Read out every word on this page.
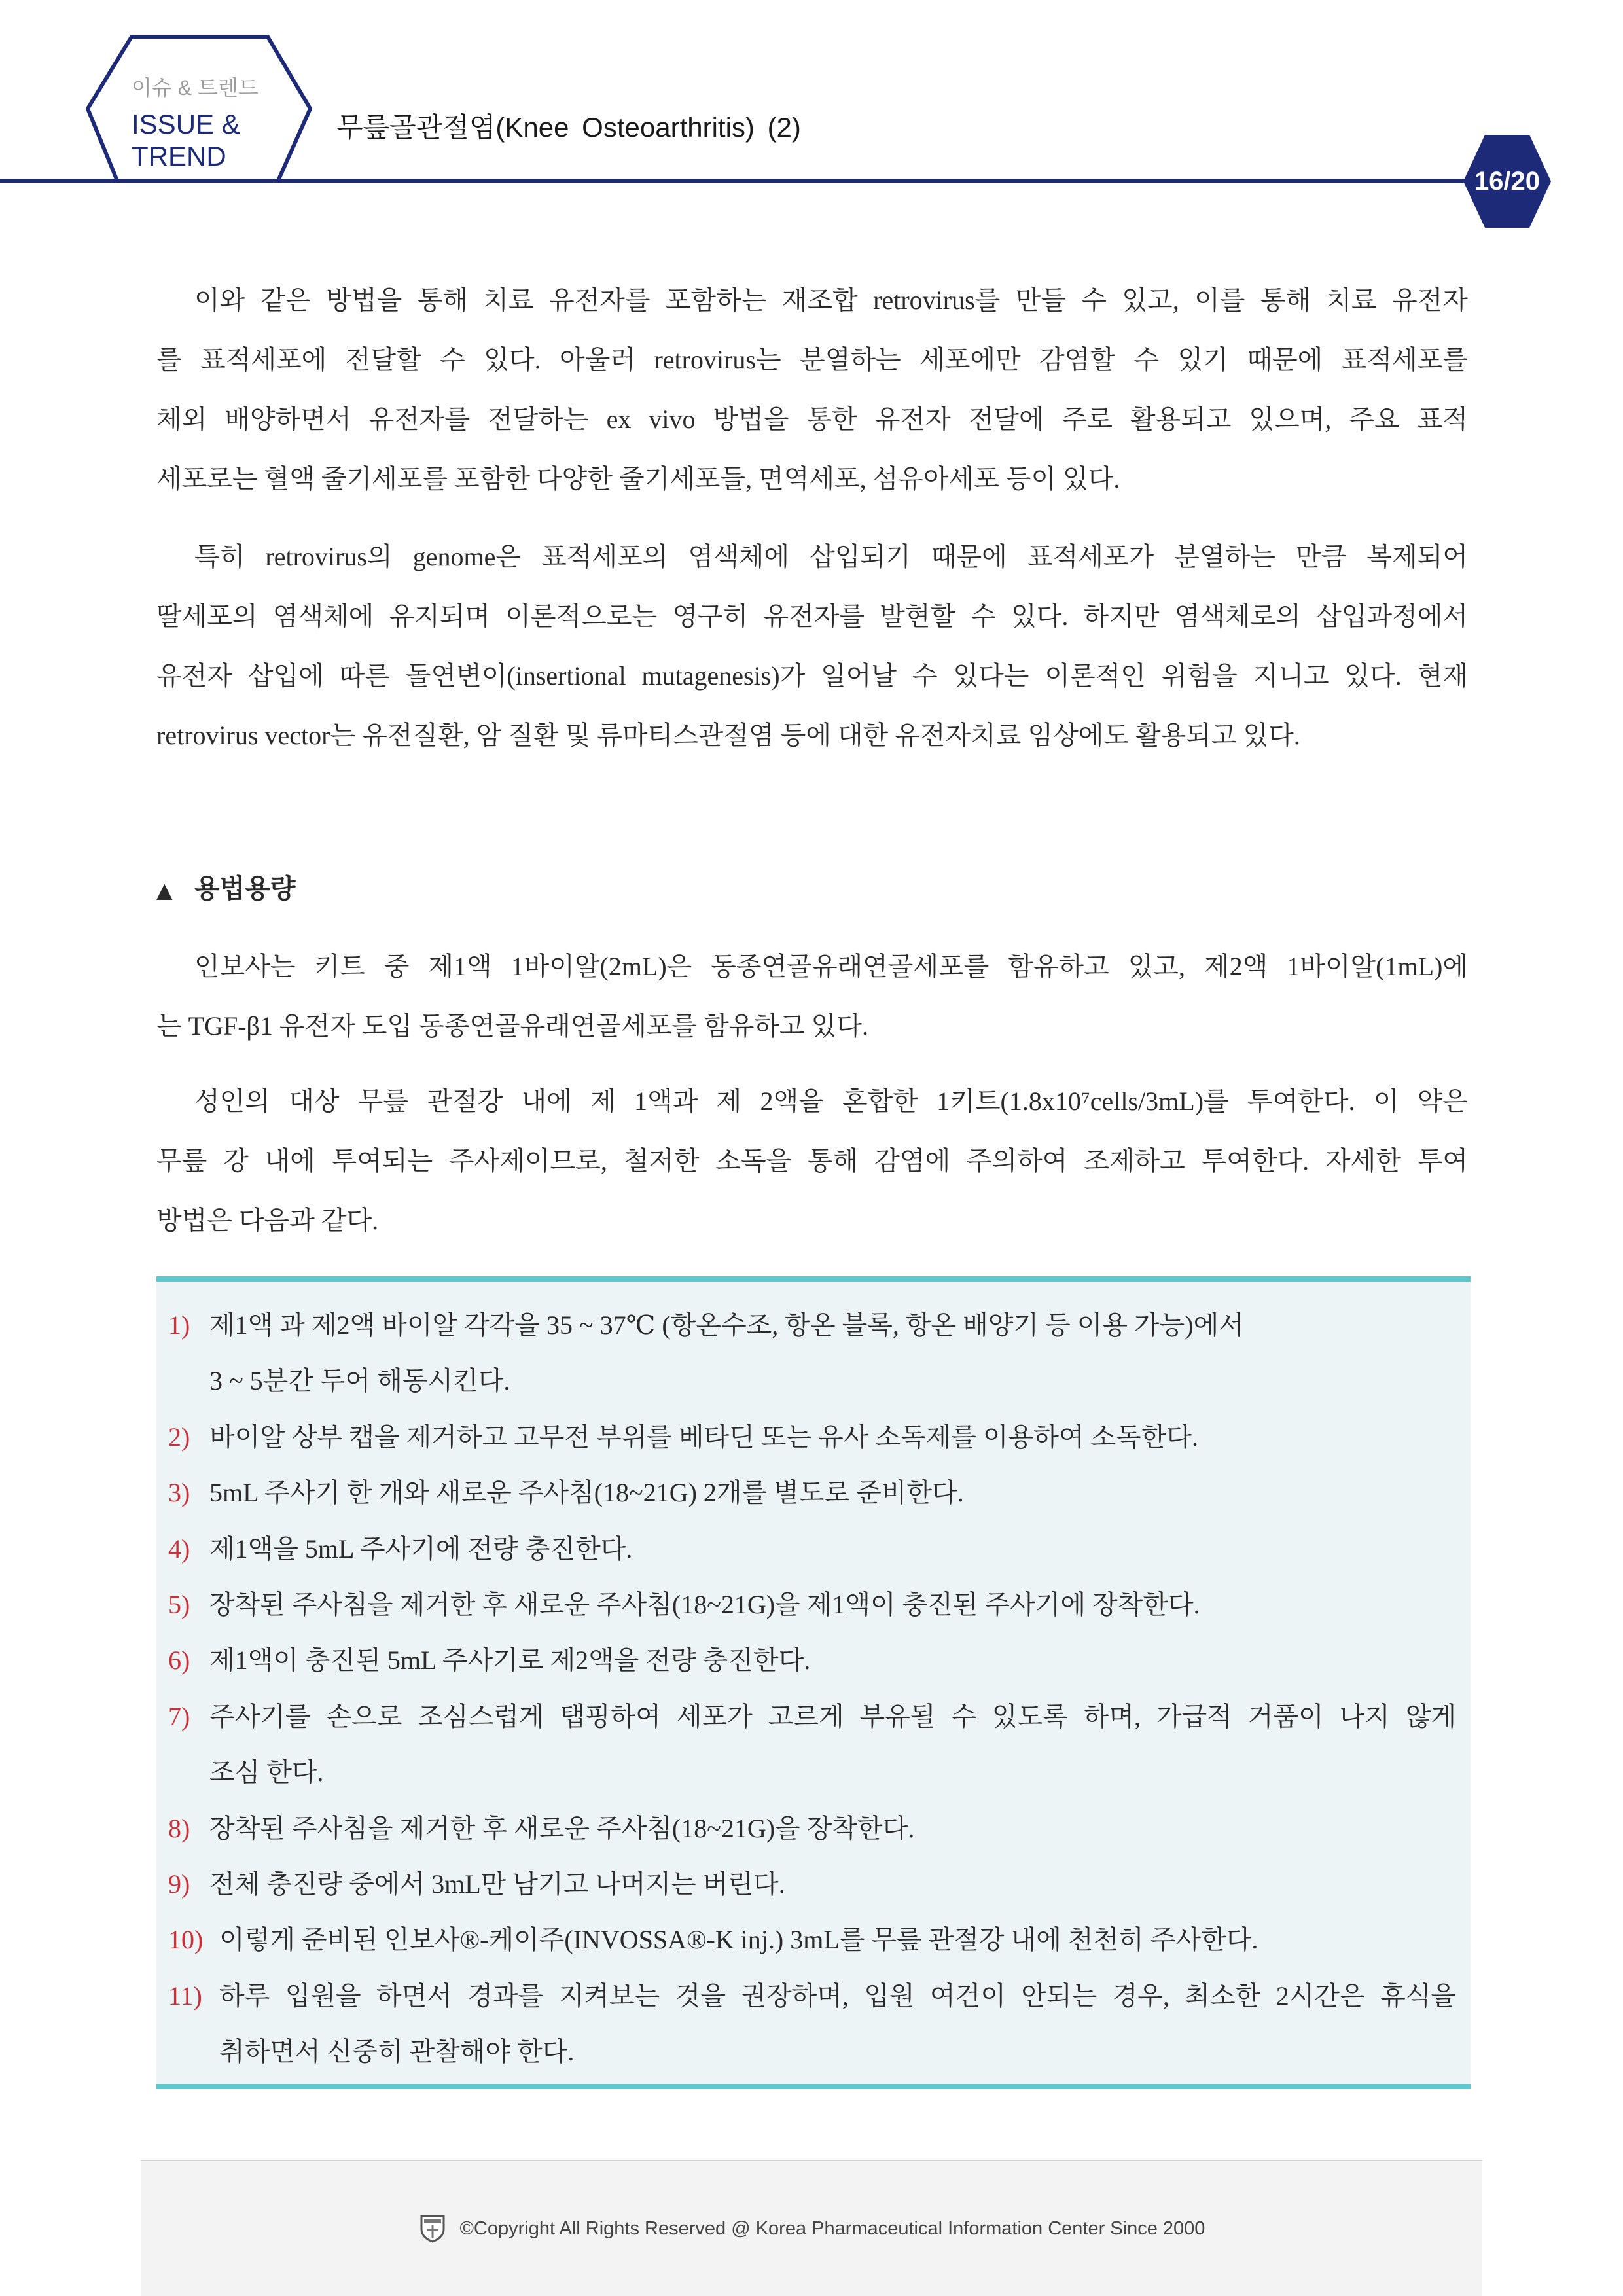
이슈 & 트렌드
ISSUE &
TREND
무릎골관절염(Knee Osteoarthritis) (2)
16/20
이와 같은 방법을 통해 치료 유전자를 포함하는 재조합 retrovirus를 만들 수 있고, 이를 통해 치료 유전자
를 표적세포에 전달할 수 있다. 아울러 retrovirus는 분열하는 세포에만 감염할 수 있기 때문에 표적세포를
체외 배양하면서 유전자를 전달하는 ex vivo 방법을 통한 유전자 전달에 주로 활용되고 있으며, 주요 표적
세포로는 혈액 줄기세포를 포함한 다양한 줄기세포들, 면역세포, 섬유아세포 등이 있다.
특히 retrovirus의 genome은 표적세포의 염색체에 삽입되기 때문에 표적세포가 분열하는 만큼 복제되어
딸세포의 염색체에 유지되며 이론적으로는 영구히 유전자를 발현할 수 있다. 하지만 염색체로의 삽입과정에서
유전자 삽입에 따른 돌연변이(insertional mutagenesis)가 일어날 수 있다는 이론적인 위험을 지니고 있다. 현재
retrovirus vector는 유전질환, 암 질환 및 류마티스관절염 등에 대한 유전자치료 임상에도 활용되고 있다.
▲ 용법용량
인보사는 키트 중 제1액 1바이알(2mL)은 동종연골유래연골세포를 함유하고 있고, 제2액 1바이알(1mL)에
는 TGF-β1 유전자 도입 동종연골유래연골세포를 함유하고 있다.
성인의 대상 무릎 관절강 내에 제 1액과 제 2액을 혼합한 1키트(1.8x10⁷cells/3mL)를 투여한다. 이 약은
무릎 강 내에 투여되는 주사제이므로, 철저한 소독을 통해 감염에 주의하여 조제하고 투여한다. 자세한 투여
방법은 다음과 같다.
1) 제1액 과 제2액 바이알 각각을 35 ~ 37℃ (항온수조, 항온 블록, 항온 배양기 등 이용 가능)에서
3 ~ 5분간 두어 해동시킨다.
2) 바이알 상부 캡을 제거하고 고무전 부위를 베타딘 또는 유사 소독제를 이용하여 소독한다.
3) 5mL 주사기 한 개와 새로운 주사침(18~21G) 2개를 별도로 준비한다.
4) 제1액을 5mL 주사기에 전량 충진한다.
5) 장착된 주사침을 제거한 후 새로운 주사침(18~21G)을 제1액이 충진된 주사기에 장착한다.
6) 제1액이 충진된 5mL 주사기로 제2액을 전량 충진한다.
7) 주사기를 손으로 조심스럽게 탭핑하여 세포가 고르게 부유될 수 있도록 하며, 가급적 거품이 나지 않게
조심 한다.
8) 장착된 주사침을 제거한 후 새로운 주사침(18~21G)을 장착한다.
9) 전체 충진량 중에서 3mL만 남기고 나머지는 버린다.
10) 이렇게 준비된 인보사®-케이주(INVOSSA®-K inj.) 3mL를 무릎 관절강 내에 천천히 주사한다.
11) 하루 입원을 하면서 경과를 지켜보는 것을 권장하며, 입원 여건이 안되는 경우, 최소한 2시간은 휴식을
취하면서 신중히 관찰해야 한다.
©Copyright All Rights Reserved @ Korea Pharmaceutical Information Center Since 2000
